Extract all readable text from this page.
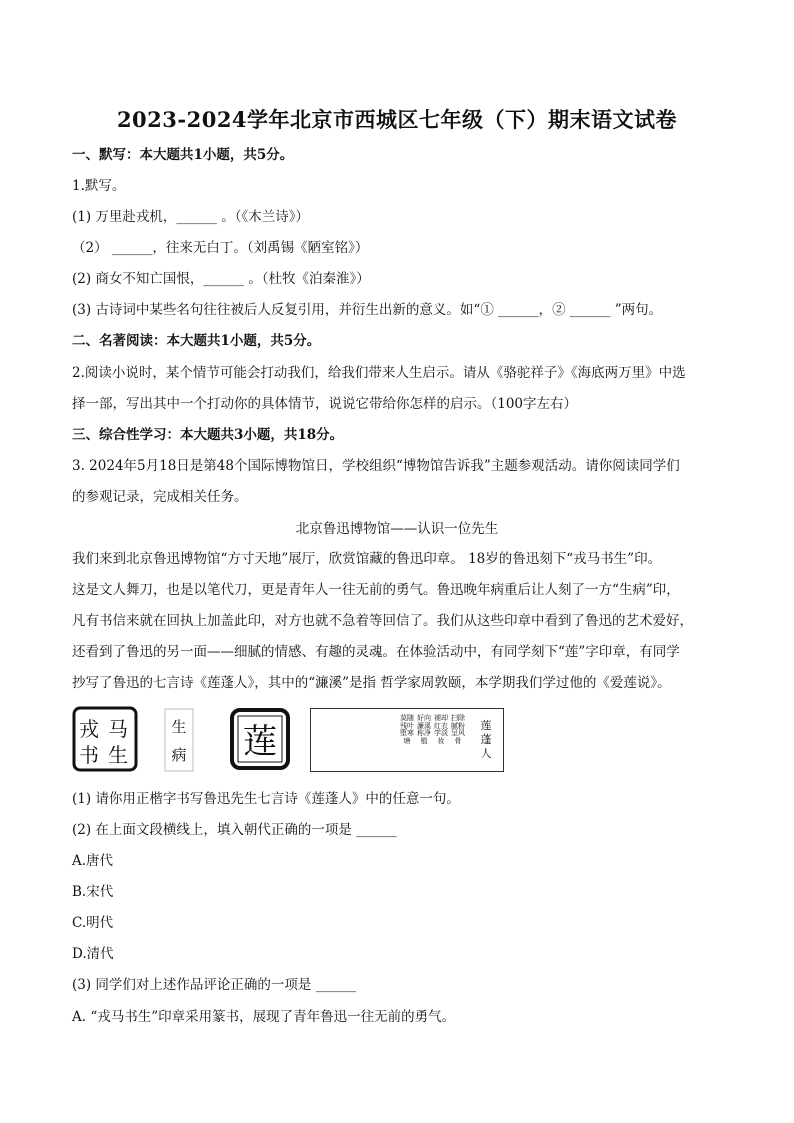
2023-2024学年北京市西城区七年级（下）期末语文试卷
一、默写：本大题共1小题，共5分。
1.默写。
(1) 万里赴戎机，______ 。（《木兰诗》）
（2） ______，往来无白丁。（刘禹锡《陋室铭》）
(2) 商女不知亡国恨，______ 。（杜牧《泊秦淮》）
(3) 古诗词中某些名句往往被后人反复引用，并衍生出新的意义。如“① ______，② ______ ”两句。
二、名著阅读：本大题共1小题，共5分。
2.阅读小说时，某个情节可能会打动我们，给我们带来人生启示。请从《骆驼祥子》《海底两万里》中选
择一部，写出其中一个打动你的具体情节，说说它带给你怎样的启示。（100字左右）
三、综合性学习：本大题共3小题，共18分。
3. 2024年5月18日是第48个国际博物馆日，学校组织“博物馆告诉我”主题参观活动。请你阅读同学们
的参观记录，完成相关任务。
北京鲁迅博物馆——认识一位先生
我们来到北京鲁迅博物馆“方寸天地”展厅，欣赏馆藏的鲁迅印章。 18岁的鲁迅刻下“戎马书生”印。
这是文人舞刀，也是以笔代刀，更是青年人一往无前的勇气。鲁迅晚年病重后让人刻了一方“生病”印，
凡有书信来就在回执上加盖此印，对方也就不急着等回信了。我们从这些印章中看到了鲁迅的艺术爱好，
还看到了鲁迅的另一面——细腻的情感、有趣的灵魂。在体验活动中，有同学刻下“莲”字印章，有同学
抄写了鲁迅的七言诗《莲蓬人》，其中的“濂溪”是指 哲学家周敦颐，本学期我们学过他的《爱莲说》。
戎 马
书 生
生
病 莲	莲蓬人
扫除腻粉呈风骨
褪却红衣学淡妆
好向濂溪称净植
莫随残叶堕寒塘
(1) 请你用正楷字书写鲁迅先生七言诗《莲蓬人》中的任意一句。
(2) 在上面文段横线上，填入朝代正确的一项是 ______
A.唐代
B.宋代
C.明代
D.清代
(3) 同学们对上述作品评论正确的一项是 ______
A. “戎马书生”印章采用篆书，展现了青年鲁迅一往无前的勇气。
